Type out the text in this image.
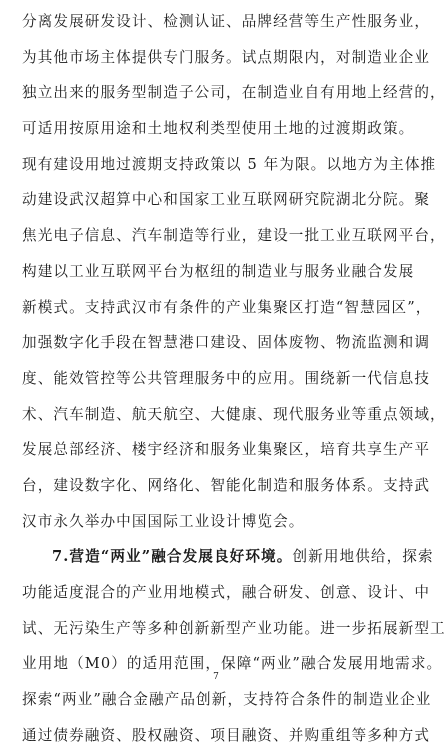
分离发展研发设计、检测认证、品牌经营等生产性服务业，
为其他市场主体提供专门服务。试点期限内，对制造业企业
独立出来的服务型制造子公司，在制造业自有用地上经营的，
可适用按原用途和土地权利类型使用土地的过渡期政策。
现有建设用地过渡期支持政策以 5 年为限。以地方为主体推
动建设武汉超算中心和国家工业互联网研究院湖北分院。聚
焦光电子信息、汽车制造等行业，建设一批工业互联网平台，
构建以工业互联网平台为枢纽的制造业与服务业融合发展
新模式。支持武汉市有条件的产业集聚区打造“智慧园区”，
加强数字化手段在智慧港口建设、固体废物、物流监测和调
度、能效管控等公共管理服务中的应用。围绕新一代信息技
术、汽车制造、航天航空、大健康、现代服务业等重点领域，
发展总部经济、楼宇经济和服务业集聚区，培育共享生产平
台，建设数字化、网络化、智能化制造和服务体系。支持武
汉市永久举办中国国际工业设计博览会。
7.营造“两业”融合发展良好环境。创新用地供给，探索
功能适度混合的产业用地模式，融合研发、创意、设计、中
试、无污染生产等多种创新新型产业功能。进一步拓展新型工
业用地（M0）的适用范围，保障“两业”融合发展用地需求。
探索“两业”融合金融产品创新，支持符合条件的制造业企业
通过债券融资、股权融资、项目融资、并购重组等多种方式
7
